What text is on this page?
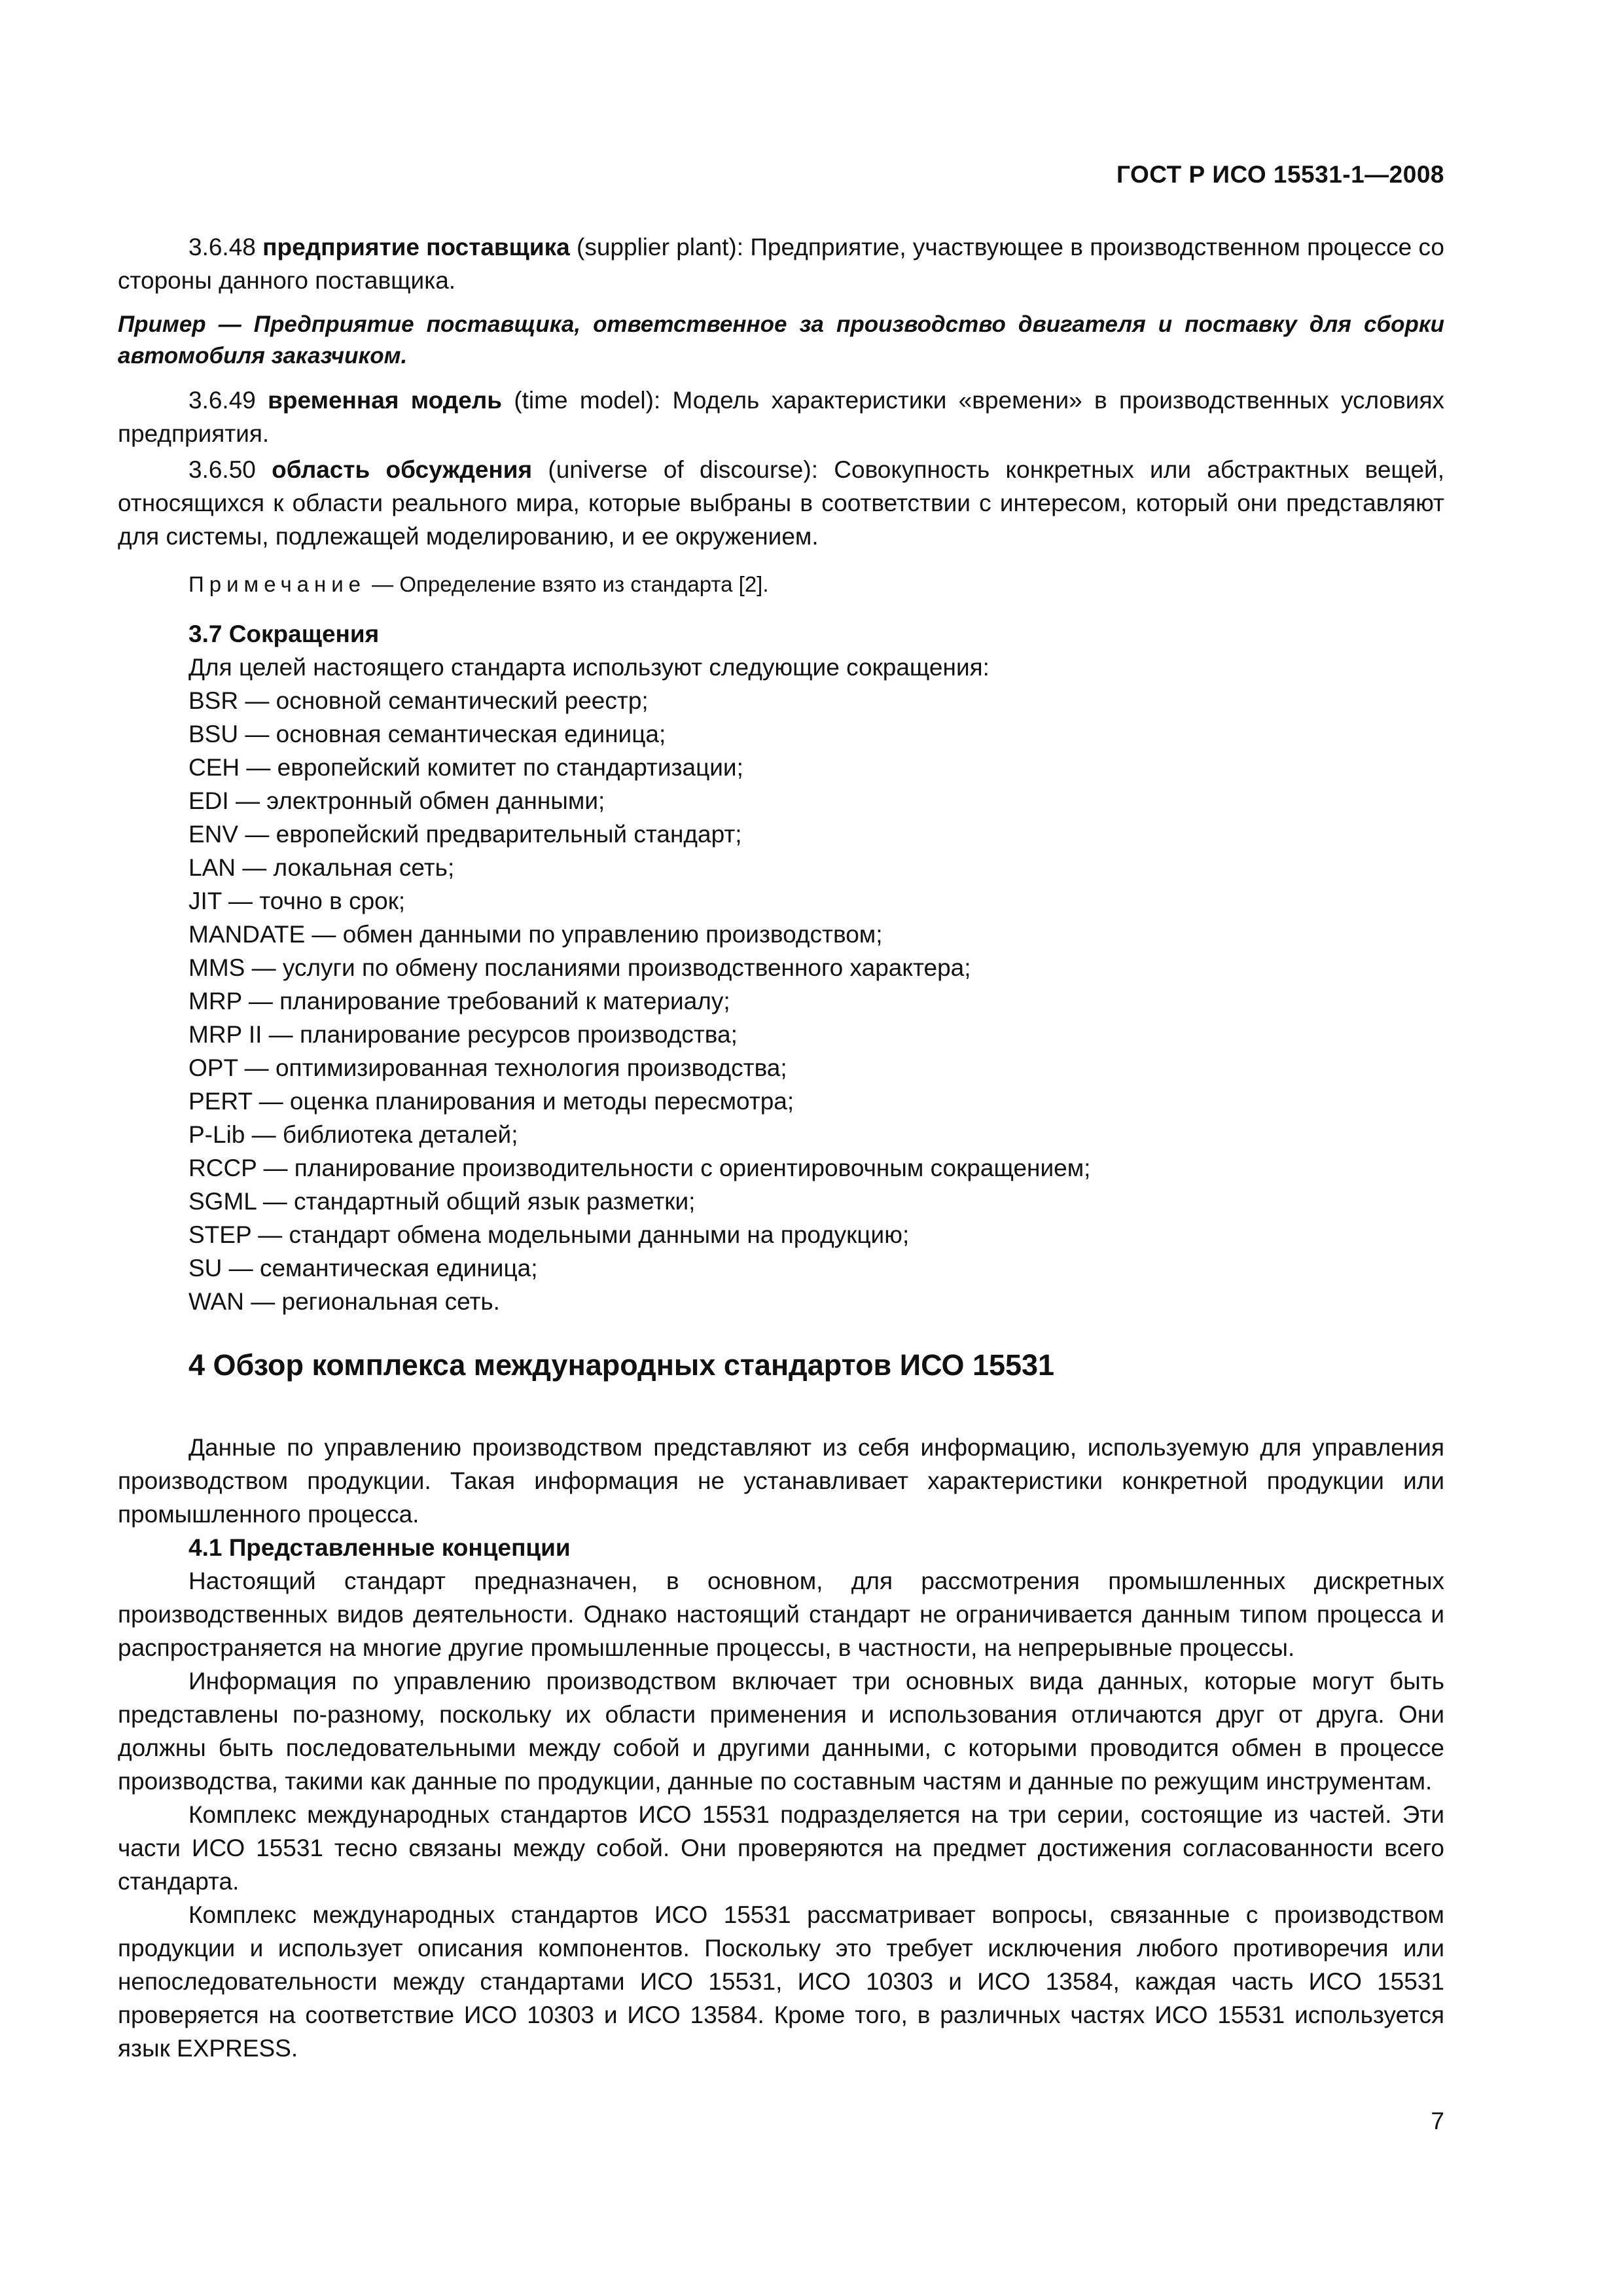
ГОСТ Р ИСО 15531-1—2008

3.6.48 предприятие поставщика (supplier plant): Предприятие, участвующее в производственном процессе со стороны данного поставщика.

Пример — Предприятие поставщика, ответственное за производство двигателя и поставку для сборки автомобиля заказчиком.

3.6.49 временная модель (time model): Модель характеристики «времени» в производственных условиях предприятия.

3.6.50 область обсуждения (universe of discourse): Совокупность конкретных или абстрактных вещей, относящихся к области реального мира, которые выбраны в соответствии с интересом, который они представляют для системы, подлежащей моделированию, и ее окружением.

Примечание — Определение взято из стандарта [2].

3.7 Сокращения

Для целей настоящего стандарта используют следующие сокращения:

BSR — основной семантический реестр;
BSU — основная семантическая единица;
CEH — европейский комитет по стандартизации;
EDI — электронный обмен данными;
ENV — европейский предварительный стандарт;
LAN — локальная сеть;
JIT — точно в срок;
MANDATE — обмен данными по управлению производством;
MMS — услуги по обмену посланиями производственного характера;
MRP — планирование требований к материалу;
MRP II — планирование ресурсов производства;
OPT — оптимизированная технология производства;
PERT — оценка планирования и методы пересмотра;
P-Lib — библиотека деталей;
RCCP — планирование производительности с ориентировочным сокращением;
SGML — стандартный общий язык разметки;
STEP — стандарт обмена модельными данными на продукцию;
SU — семантическая единица;
WAN — региональная сеть.

4 Обзор комплекса международных стандартов ИСО 15531

Данные по управлению производством представляют из себя информацию, используемую для управления производством продукции. Такая информация не устанавливает характеристики конкретной продукции или промышленного процесса.

4.1 Представленные концепции

Настоящий стандарт предназначен, в основном, для рассмотрения промышленных дискретных производственных видов деятельности. Однако настоящий стандарт не ограничивается данным типом процесса и распространяется на многие другие промышленные процессы, в частности, на непрерывные процессы.

Информация по управлению производством включает три основных вида данных, которые могут быть представлены по-разному, поскольку их области применения и использования отличаются друг от друга. Они должны быть последовательными между собой и другими данными, с которыми проводится обмен в процессе производства, такими как данные по продукции, данные по составным частям и данные по режущим инструментам.

Комплекс международных стандартов ИСО 15531 подразделяется на три серии, состоящие из частей. Эти части ИСО 15531 тесно связаны между собой. Они проверяются на предмет достижения согласованности всего стандарта.

Комплекс международных стандартов ИСО 15531 рассматривает вопросы, связанные с производством продукции и использует описания компонентов. Поскольку это требует исключения любого противоречия или непоследовательности между стандартами ИСО 15531, ИСО 10303 и ИСО 13584, каждая часть ИСО 15531 проверяется на соответствие ИСО 10303 и ИСО 13584. Кроме того, в различных частях ИСО 15531 используется язык EXPRESS.

7
